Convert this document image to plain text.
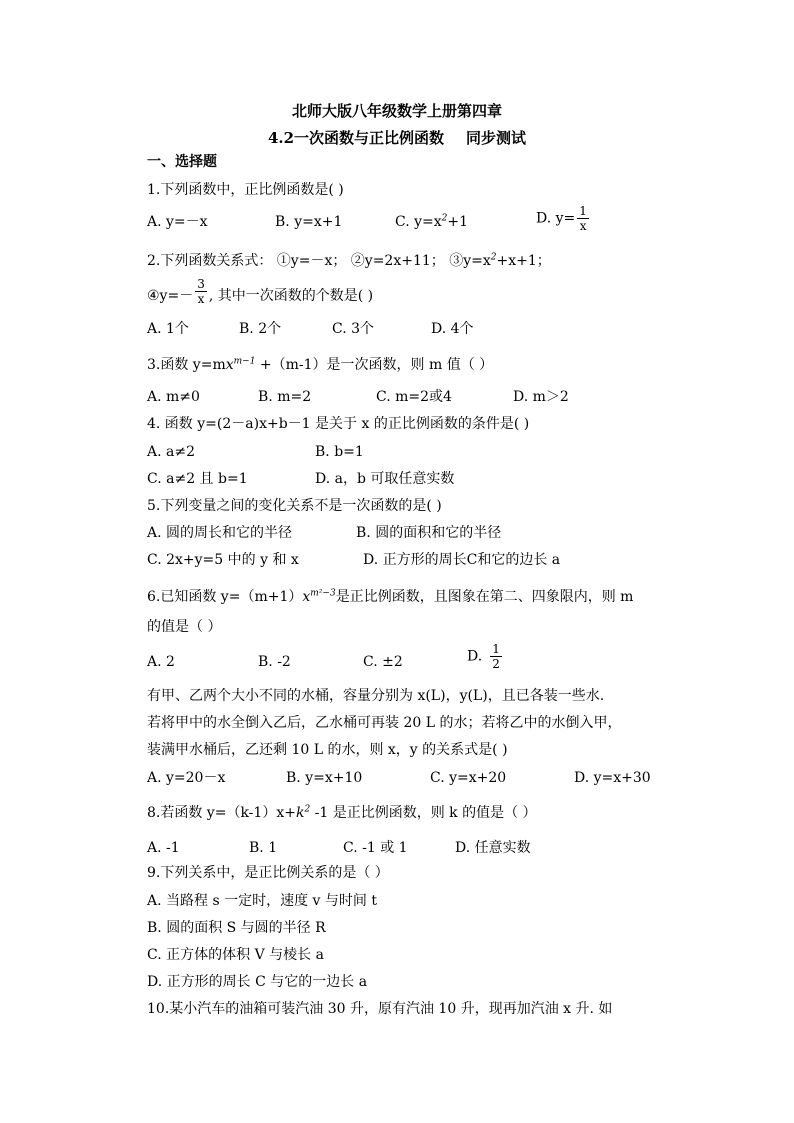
北师大版八年级数学上册第四章
4.2一次函数与正比例函数 同步测试
一、选择题
1.下列函数中，正比例函数是( )
A. y=－x	B. y=x+1	C. $y=x^2+1$	D. $y= \frac{1}{x}$
2.下列函数关系式： ①y=－x； ②y=2x+11； $③y=x^2+x+1$；
④y=－ $\frac{3}{x}$ , 其中一次函数的个数是( )
A. 1个	B. 2个	C. 3个	D. 4个
3.函数 $y=mx^{m-1} +(m-1)$是一次函数，则 m 值（ ）
A. m≠0	B. m=2	C. m=2或4	D. m＞2
4. 函数 y=(2－a)x+b－1 是关于 x 的正比例函数的条件是( )
A. a≠2	B. b=1
C. a≠2 且 b=1	D. a，b 可取任意实数
5.下列变量之间的变化关系不是一次函数的是( )
A. 圆的周长和它的半径	B. 圆的面积和它的半径
C. 2x+y=5 中的 y 和 x	D. 正方形的周长C和它的边长 a
6.已知函数 $y=(m+1)x^{m^2-3}$是正比例函数，且图象在第二、四象限内，则 m
的值是（ ）
A. 2	B. -2	C. ±2	D. $\frac{1}{2}$
有甲、乙两个大小不同的水桶，容量分别为 x(L)，y(L)，且已各装一些水.
若将甲中的水全倒入乙后，乙水桶可再装 20 L 的水；若将乙中的水倒入甲，
装满甲水桶后，乙还剩 10 L 的水，则 x，y 的关系式是( )
A. y=20－x	B. y=x+10	C. y=x+20	D. y=x+30
8.若函数 $y=(k-1)x+k^2$ -1 是正比例函数，则 k 的值是（ ）
A. -1	B. 1	C. -1 或 1	D. 任意实数
9.下列关系中，是正比例关系的是（ ）
A. 当路程 s 一定时，速度 v 与时间 t
B. 圆的面积 S 与圆的半径 R
C. 正方体的体积 V 与棱长 a
D. 正方形的周长 C 与它的一边长 a
10.某小汽车的油箱可装汽油 30 升，原有汽油 10 升，现再加汽油 x 升. 如
